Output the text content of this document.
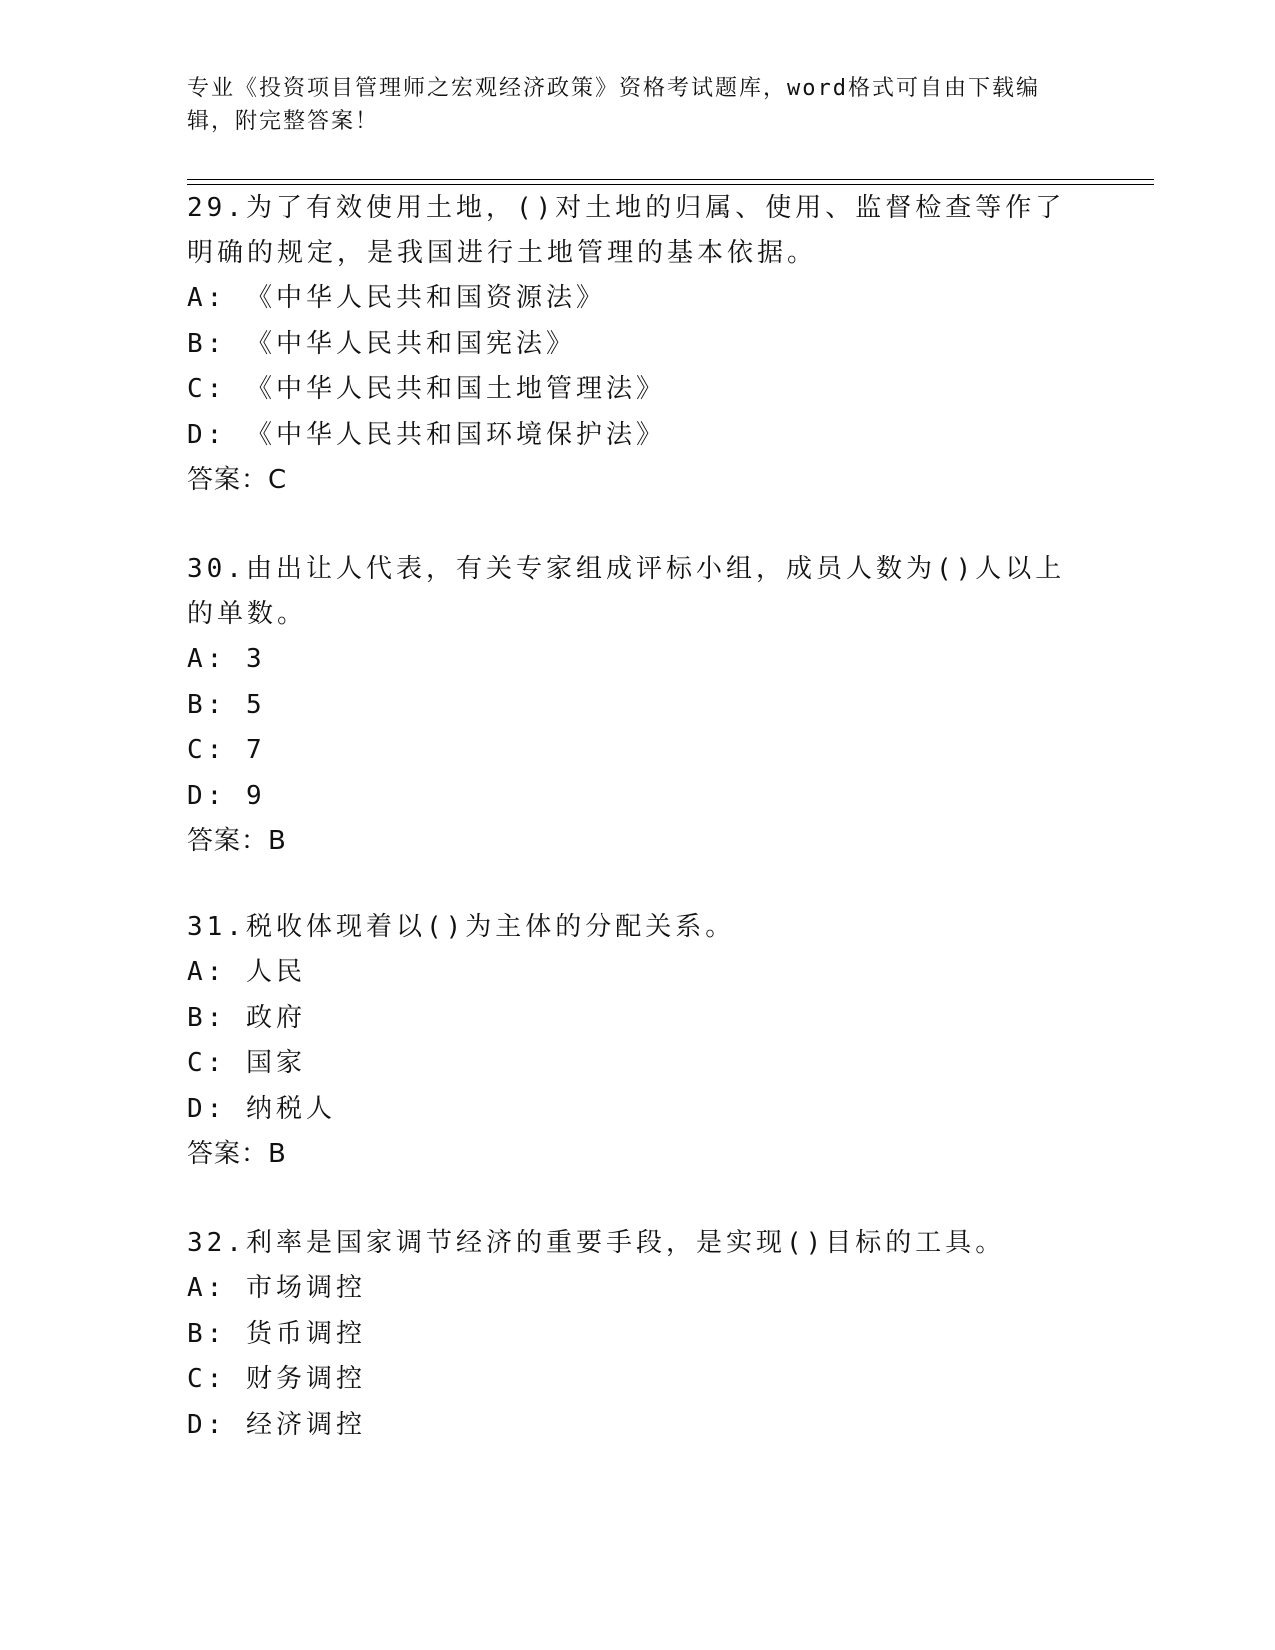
专业《投资项目管理师之宏观经济政策》资格考试题库，word格式可自由下载编辑，附完整答案！

29.为了有效使用土地，()对土地的归属、使用、监督检查等作了明确的规定，是我国进行土地管理的基本依据。

A: 《中华人民共和国资源法》
B: 《中华人民共和国宪法》
C: 《中华人民共和国土地管理法》
D: 《中华人民共和国环境保护法》
答案：C

30.由出让人代表，有关专家组成评标小组，成员人数为()人以上的单数。

A: 3
B: 5
C: 7
D: 9
答案：B

31.税收体现着以()为主体的分配关系。

A: 人民
B: 政府
C: 国家
D: 纳税人
答案：B

32.利率是国家调节经济的重要手段，是实现()目标的工具。

A: 市场调控
B: 货币调控
C: 财务调控
D: 经济调控
